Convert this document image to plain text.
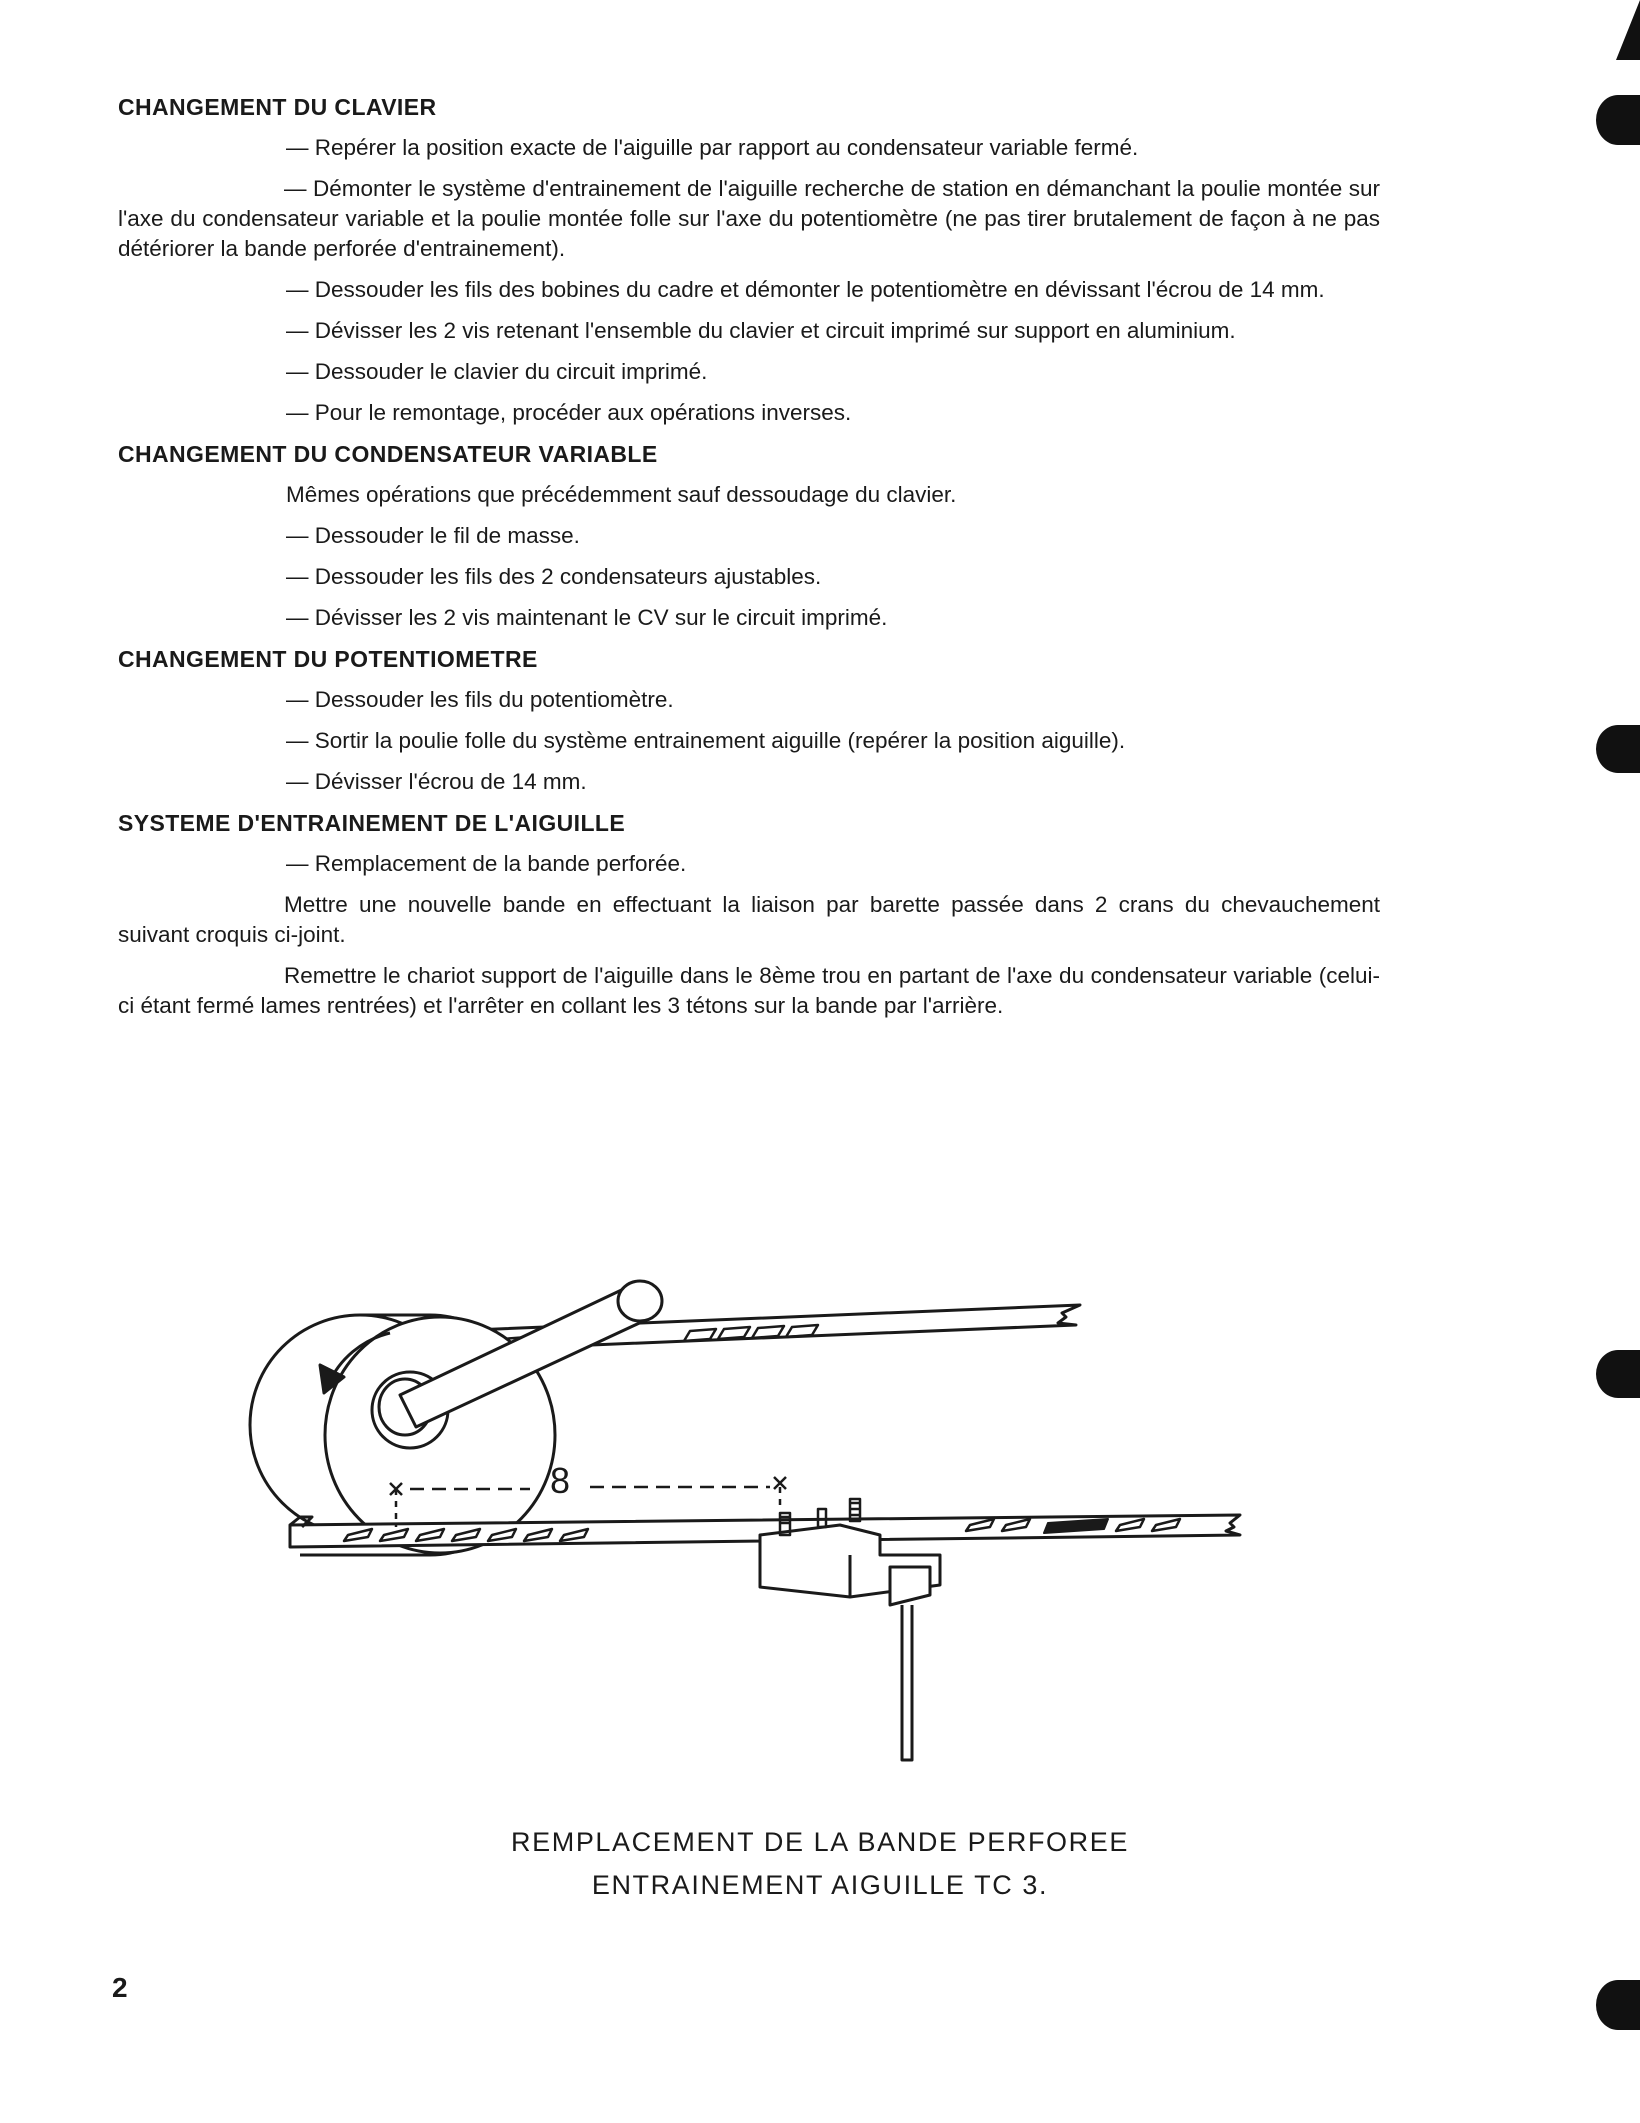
CHANGEMENT DU CLAVIER

— Repérer la position exacte de l'aiguille par rapport au condensateur variable fermé.

— Démonter le système d'entrainement de l'aiguille recherche de station en démanchant la poulie montée sur l'axe du condensateur variable et la poulie montée folle sur l'axe du potentiomètre (ne pas tirer brutalement de façon à ne pas détériorer la bande perforée d'entrainement).

— Dessouder les fils des bobines du cadre et démonter le potentiomètre en dévissant l'écrou de 14 mm.

— Dévisser les 2 vis retenant l'ensemble du clavier et circuit imprimé sur support en aluminium.

— Dessouder le clavier du circuit imprimé.

— Pour le remontage, procéder aux opérations inverses.

CHANGEMENT DU CONDENSATEUR VARIABLE

Mêmes opérations que précédemment sauf dessoudage du clavier.

— Dessouder le fil de masse.

— Dessouder les fils des 2 condensateurs ajustables.

— Dévisser les 2 vis maintenant le CV sur le circuit imprimé.

CHANGEMENT DU POTENTIOMETRE

— Dessouder les fils du potentiomètre.

— Sortir la poulie folle du système entrainement aiguille (repérer la position aiguille).

— Dévisser l'écrou de 14 mm.

SYSTEME D'ENTRAINEMENT DE L'AIGUILLE

— Remplacement de la bande perforée.

Mettre une nouvelle bande en effectuant la liaison par barette passée dans 2 crans du chevauchement suivant croquis ci-joint.

Remettre le chariot support de l'aiguille dans le 8ème trou en partant de l'axe du condensateur variable (celui-ci étant fermé lames rentrées) et l'arrêter en collant les 3 tétons sur la bande par l'arrière.

8
REMPLACEMENT DE LA BANDE PERFOREE
ENTRAINEMENT AIGUILLE TC 3.
2
